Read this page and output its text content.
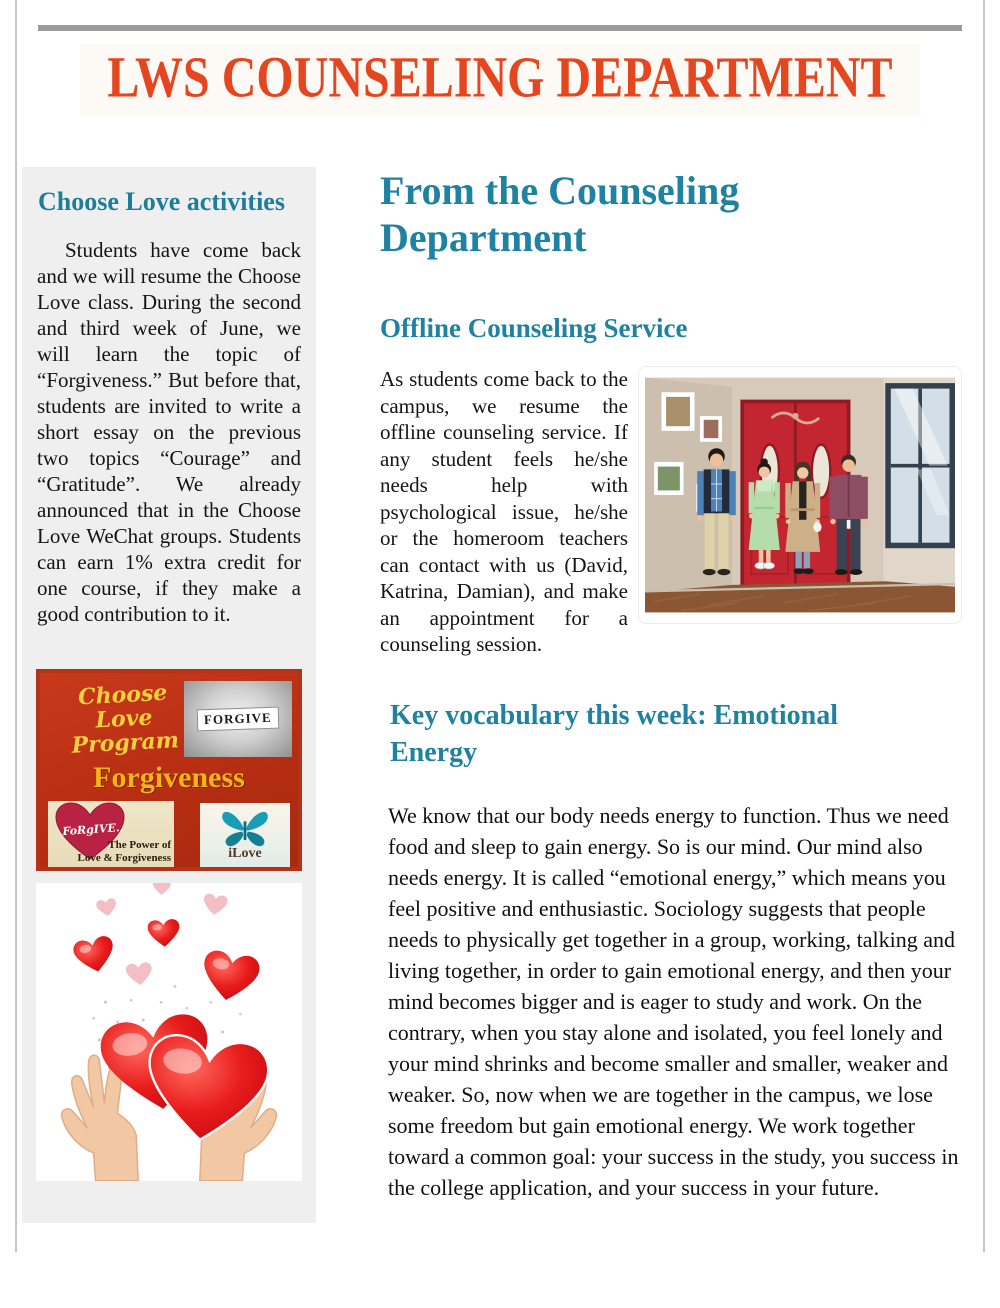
LWS COUNSELING DEPARTMENT
Choose Love activities

Students have come back and we will resume the Choose Love class. During the second and third week of June, we will learn the topic of “Forgiveness.” But before that, students are invited to write a short essay on the previous two topics “Courage” and “Gratitude”. We already announced that in the Choose Love WeChat groups. Students can earn 1% extra credit for one course, if they make a good contribution to it.

Choose Love
Program
FORGIVE
Forgiveness
FoRgIVE..
The Power of
Love & Forgiveness	iLove
From the Counseling Department
Offline Counseling Service

As students come back to the campus, we resume the offline counseling service. If any student feels he/she needs help with psychological issue, he/she or the homeroom teachers can contact with us (David, Katrina, Damian), and make an appointment for a counseling session.

Key vocabulary this week: Emotional Energy

We know that our body needs energy to function. Thus we need food and sleep to gain energy. So is our mind. Our mind also needs energy. It is called “emotional energy,” which means you feel positive and enthusiastic. Sociology suggests that people needs to physically get together in a group, working, talking and living together, in order to gain emotional energy, and then your mind becomes bigger and is eager to study and work. On the contrary, when you stay alone and isolated, you feel lonely and your mind shrinks and become smaller and smaller, weaker and weaker. So, now when we are together in the campus, we lose some freedom but gain emotional energy. We work together toward a common goal: your success in the study, you success in the college application, and your success in your future.
